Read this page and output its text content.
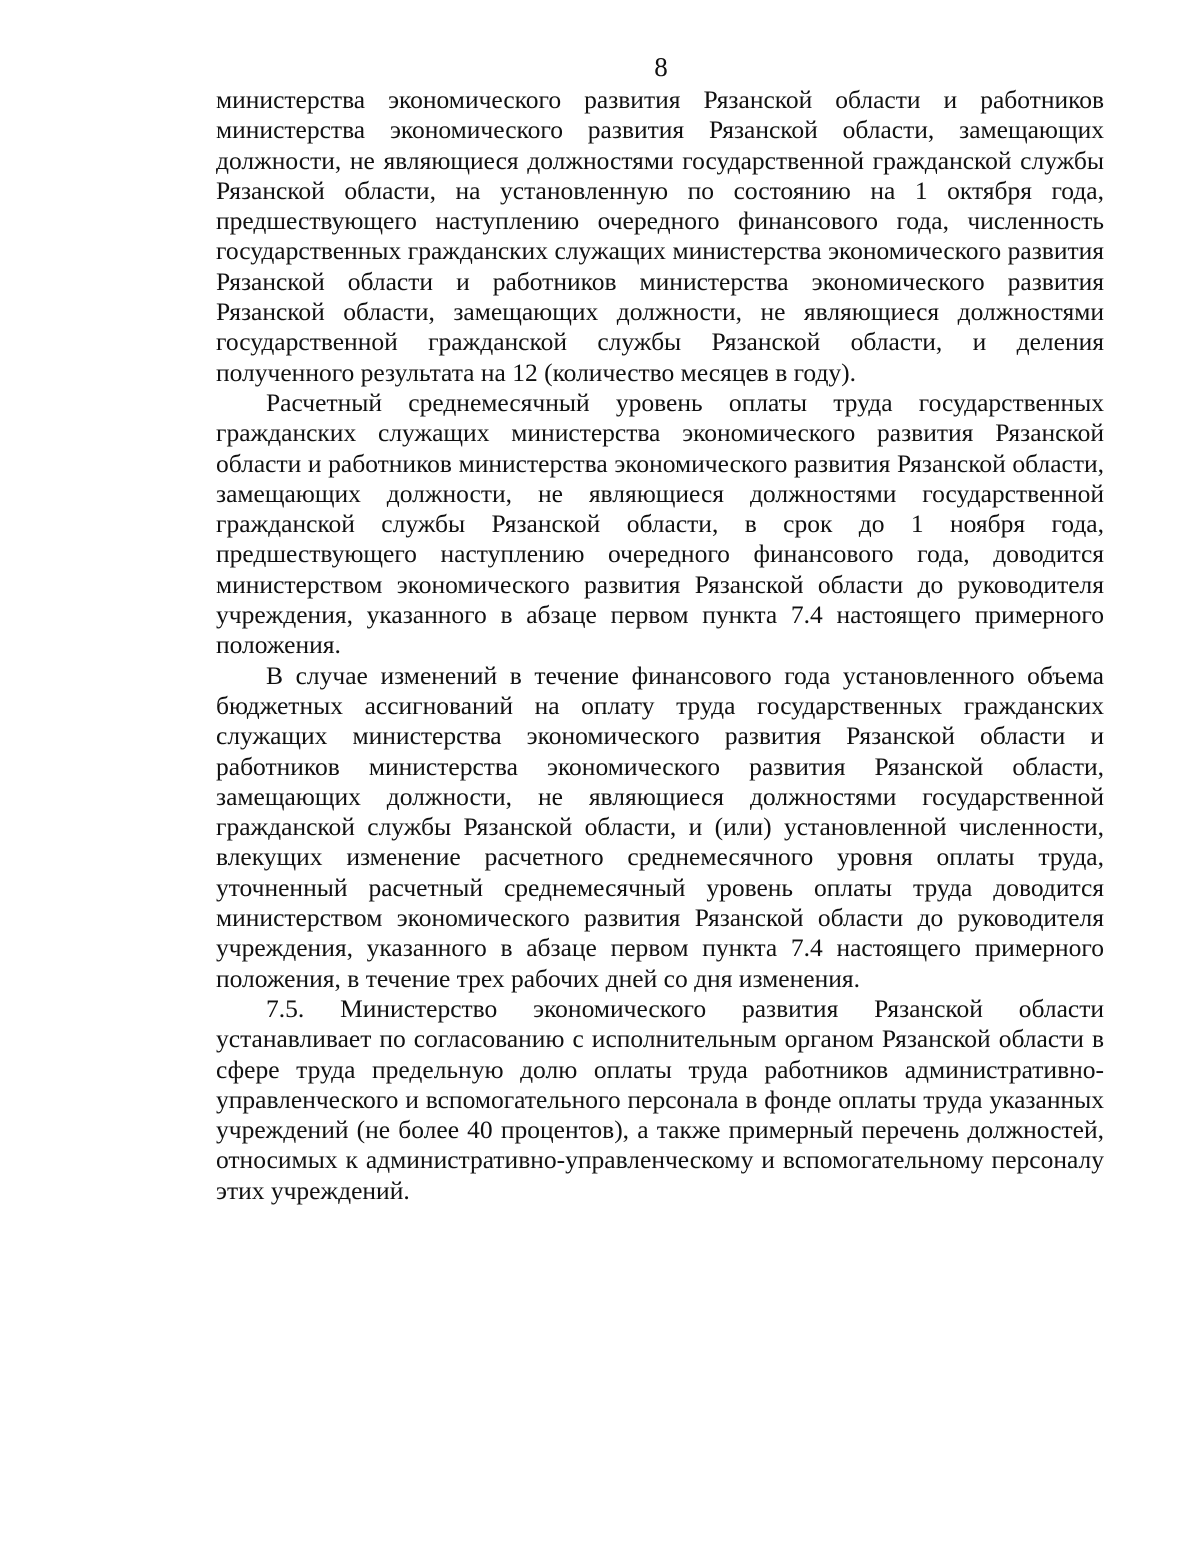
8

министерства экономического развития Рязанской области и работников министерства экономического развития Рязанской области, замещающих должности, не являющиеся должностями государственной гражданской службы Рязанской области, на установленную по состоянию на 1 октября года, предшествующего наступлению очередного финансового года, численность государственных гражданских служащих министерства экономического развития Рязанской области и работников министерства экономического развития Рязанской области, замещающих должности, не являющиеся должностями государственной гражданской службы Рязанской области, и деления полученного результата на 12 (количество месяцев в году).

Расчетный среднемесячный уровень оплаты труда государственных гражданских служащих министерства экономического развития Рязанской области и работников министерства экономического развития Рязанской области, замещающих должности, не являющиеся должностями государственной гражданской службы Рязанской области, в срок до 1 ноября года, предшествующего наступлению очередного финансового года, доводится министерством экономического развития Рязанской области до руководителя учреждения, указанного в абзаце первом пункта 7.4 настоящего примерного положения.

В случае изменений в течение финансового года установленного объема бюджетных ассигнований на оплату труда государственных гражданских служащих министерства экономического развития Рязанской области и работников министерства экономического развития Рязанской области, замещающих должности, не являющиеся должностями государственной гражданской службы Рязанской области, и (или) установленной численности, влекущих изменение расчетного среднемесячного уровня оплаты труда, уточненный расчетный среднемесячный уровень оплаты труда доводится министерством экономического развития Рязанской области до руководителя учреждения, указанного в абзаце первом пункта 7.4 настоящего примерного положения, в течение трех рабочих дней со дня изменения.

7.5. Министерство экономического развития Рязанской области устанавливает по согласованию с исполнительным органом Рязанской области в сфере труда предельную долю оплаты труда работников административно-управленческого и вспомогательного персонала в фонде оплаты труда указанных учреждений (не более 40 процентов), а также примерный перечень должностей, относимых к административно-управленческому и вспомогательному персоналу этих учреждений.
